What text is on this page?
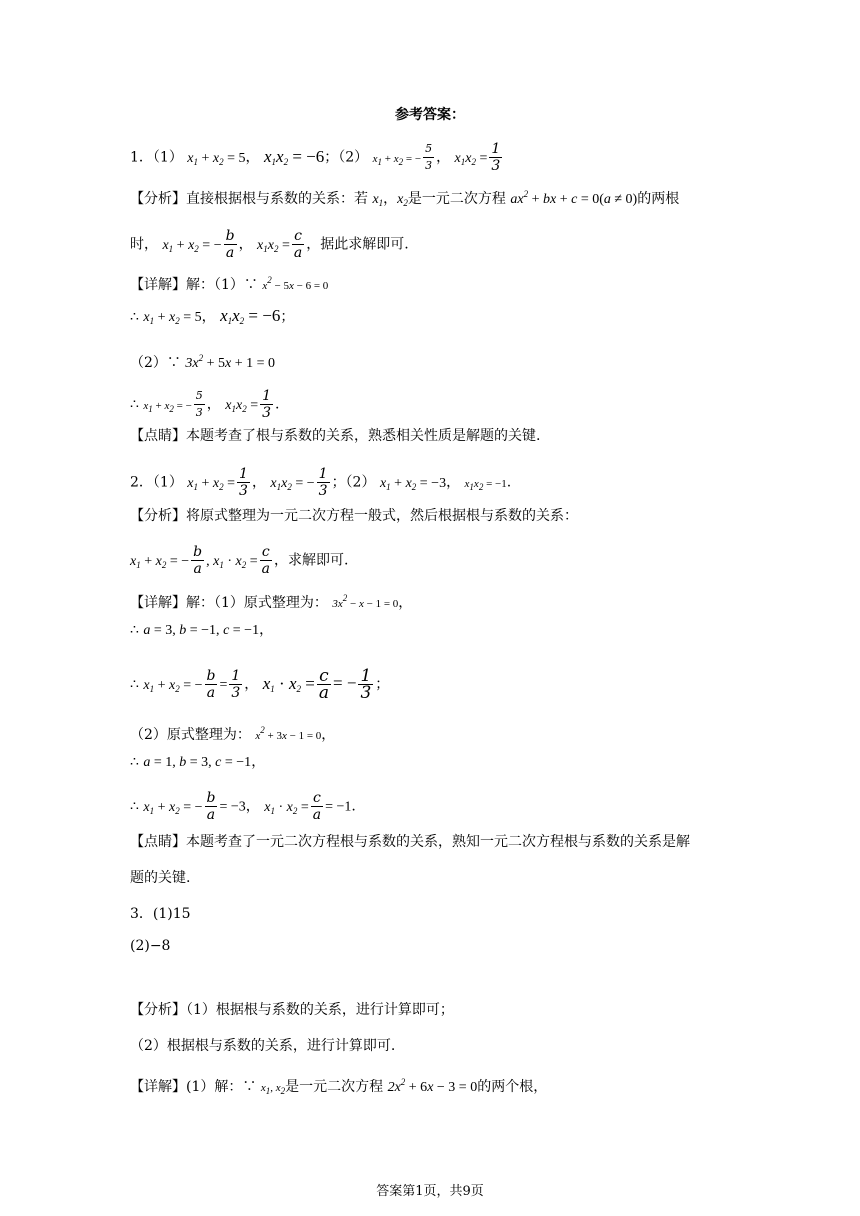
参考答案：
1．（1） $x_1 + x_2 = 5$， $x_1x_2 = -6$；（2） $x_1 + x_2$ = − $\frac{5}{3}$ ， $x_1x_2 = \frac{1}{3}$
【分析】直接根据根与系数的关系：若 $x_1$，$x_2$是一元二次方程 $ax^2$ + bx + c = 0(a ≠ 0)的两根
时， $x_1 + x_2$ = − $\frac{b}{a}$ ， $x_1x_2 = \frac{c}{a}$ ，据此求解即可.
【详解】解：（1）∵ $x^2 - 5x - 6 = 0$
∴ $x_1 + x_2 = 5$， $x_1x_2 = -6$；
（2）∵ $3x^2 + 5x + 1 = 0$
∴ $x_1 + x_2$ = − $\frac{5}{3}$ ， $x_1x_2 = \frac{1}{3}$ .
【点睛】本题考查了根与系数的关系，熟悉相关性质是解题的关键.
2．（1） $x_1 + x_2 = \frac{1}{3}$ ， $x_1x_2$ = − $\frac{1}{3}$ ；（2） $x_1 + x_2 = -3$， $x_1x_2 = -1$.
【分析】将原式整理为一元二次方程一般式，然后根据根与系数的关系：
$x_1 + x_2$ = − $\frac{b}{a}$ , $x_1 \cdot x_2 = \frac{c}{a}$ ，求解即可.
【详解】解：（1）原式整理为： $3x^2 - x - 1 = 0$，
∴ a = 3, b = −1, c = −1，
∴ $x_1 + x_2$ = − $\frac{b}{a} = \frac{1}{3}$ ， $x_1 \cdot x_2 = \frac{c}{a}$ = − $\frac{1}{3}$ ；
（2）原式整理为： $x^2 + 3x - 1 = 0$，
∴ a = 1, b = 3, c = −1，
∴ $x_1 + x_2$ = − $\frac{b}{a} = -3$， $x_1 \cdot x_2 = \frac{c}{a} = -1$.
【点睛】本题考查了一元二次方程根与系数的关系，熟知一元二次方程根与系数的关系是解
题的关键.
3．(1)15
(2)−8
【分析】（1）根据根与系数的关系，进行计算即可；
（2）根据根与系数的关系，进行计算即可.
【详解】(1）解：∵ $x_1$, $x_2$是一元二次方程 $2x^2 + 6x - 3 = 0$的两个根，
答案第1页，共9页
